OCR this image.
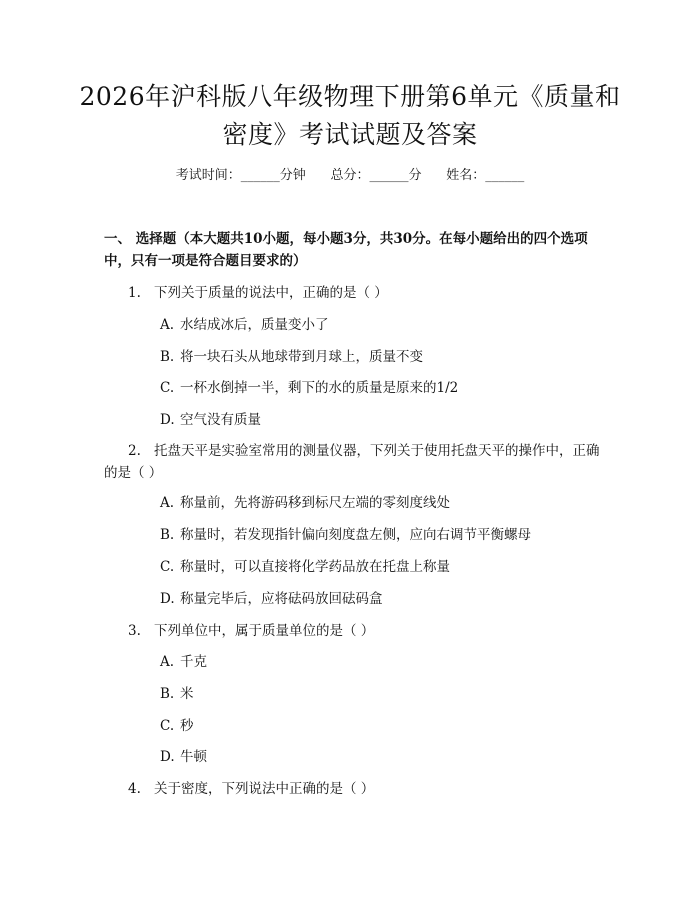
2026年沪科版八年级物理下册第6单元《质量和密度》考试试题及答案
考试时间：______分钟      总分：______分      姓名：______
一、 选择题（本大题共10小题，每小题3分，共30分。在每小题给出的四个选项中，只有一项是符合题目要求的）
1. 下列关于质量的说法中，正确的是（ ）
A. 水结成冰后，质量变小了
B. 将一块石头从地球带到月球上，质量不变
C. 一杯水倒掉一半，剩下的水的质量是原来的1/2
D. 空气没有质量
2. 托盘天平是实验室常用的测量仪器，下列关于使用托盘天平的操作中，正确的是（ ）
A. 称量前，先将游码移到标尺左端的零刻度线处
B. 称量时，若发现指针偏向刻度盘左侧，应向右调节平衡螺母
C. 称量时，可以直接将化学药品放在托盘上称量
D. 称量完毕后，应将砝码放回砝码盒
3. 下列单位中，属于质量单位的是（ ）
A. 千克
B. 米
C. 秒
D. 牛顿
4. 关于密度，下列说法中正确的是（ ）
